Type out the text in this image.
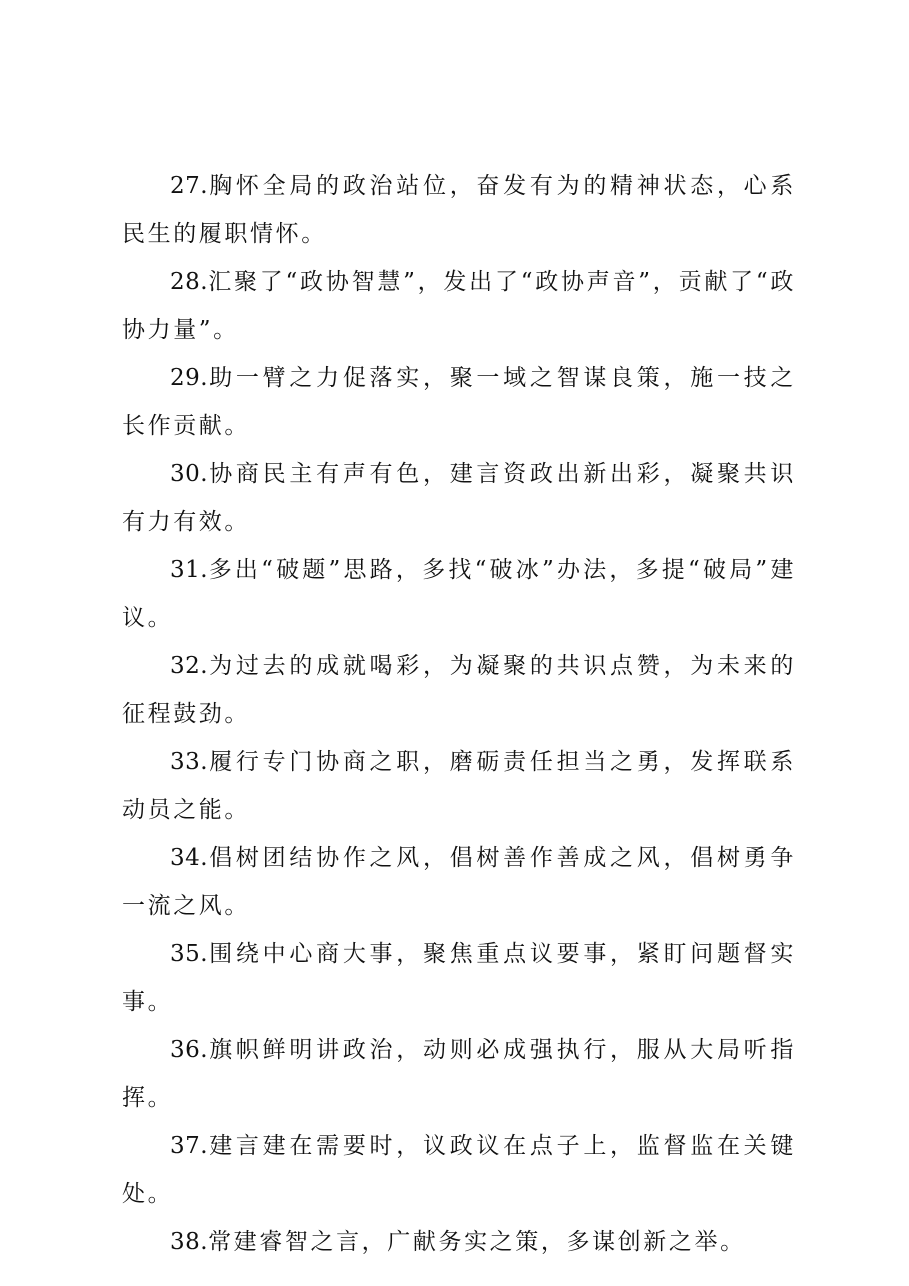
27.胸怀全局的政治站位，奋发有为的精神状态，心系民生的履职情怀。

28.汇聚了“政协智慧”，发出了“政协声音”，贡献了“政协力量”。

29.助一臂之力促落实，聚一域之智谋良策，施一技之长作贡献。

30.协商民主有声有色，建言资政出新出彩，凝聚共识有力有效。

31.多出“破题”思路，多找“破冰”办法，多提“破局”建议。

32.为过去的成就喝彩，为凝聚的共识点赞，为未来的征程鼓劲。

33.履行专门协商之职，磨砺责任担当之勇，发挥联系动员之能。

34.倡树团结协作之风，倡树善作善成之风，倡树勇争一流之风。

35.围绕中心商大事，聚焦重点议要事，紧盯问题督实事。

36.旗帜鲜明讲政治，动则必成强执行，服从大局听指挥。

37.建言建在需要时，议政议在点子上，监督监在关键处。

38.常建睿智之言，广献务实之策，多谋创新之举。
